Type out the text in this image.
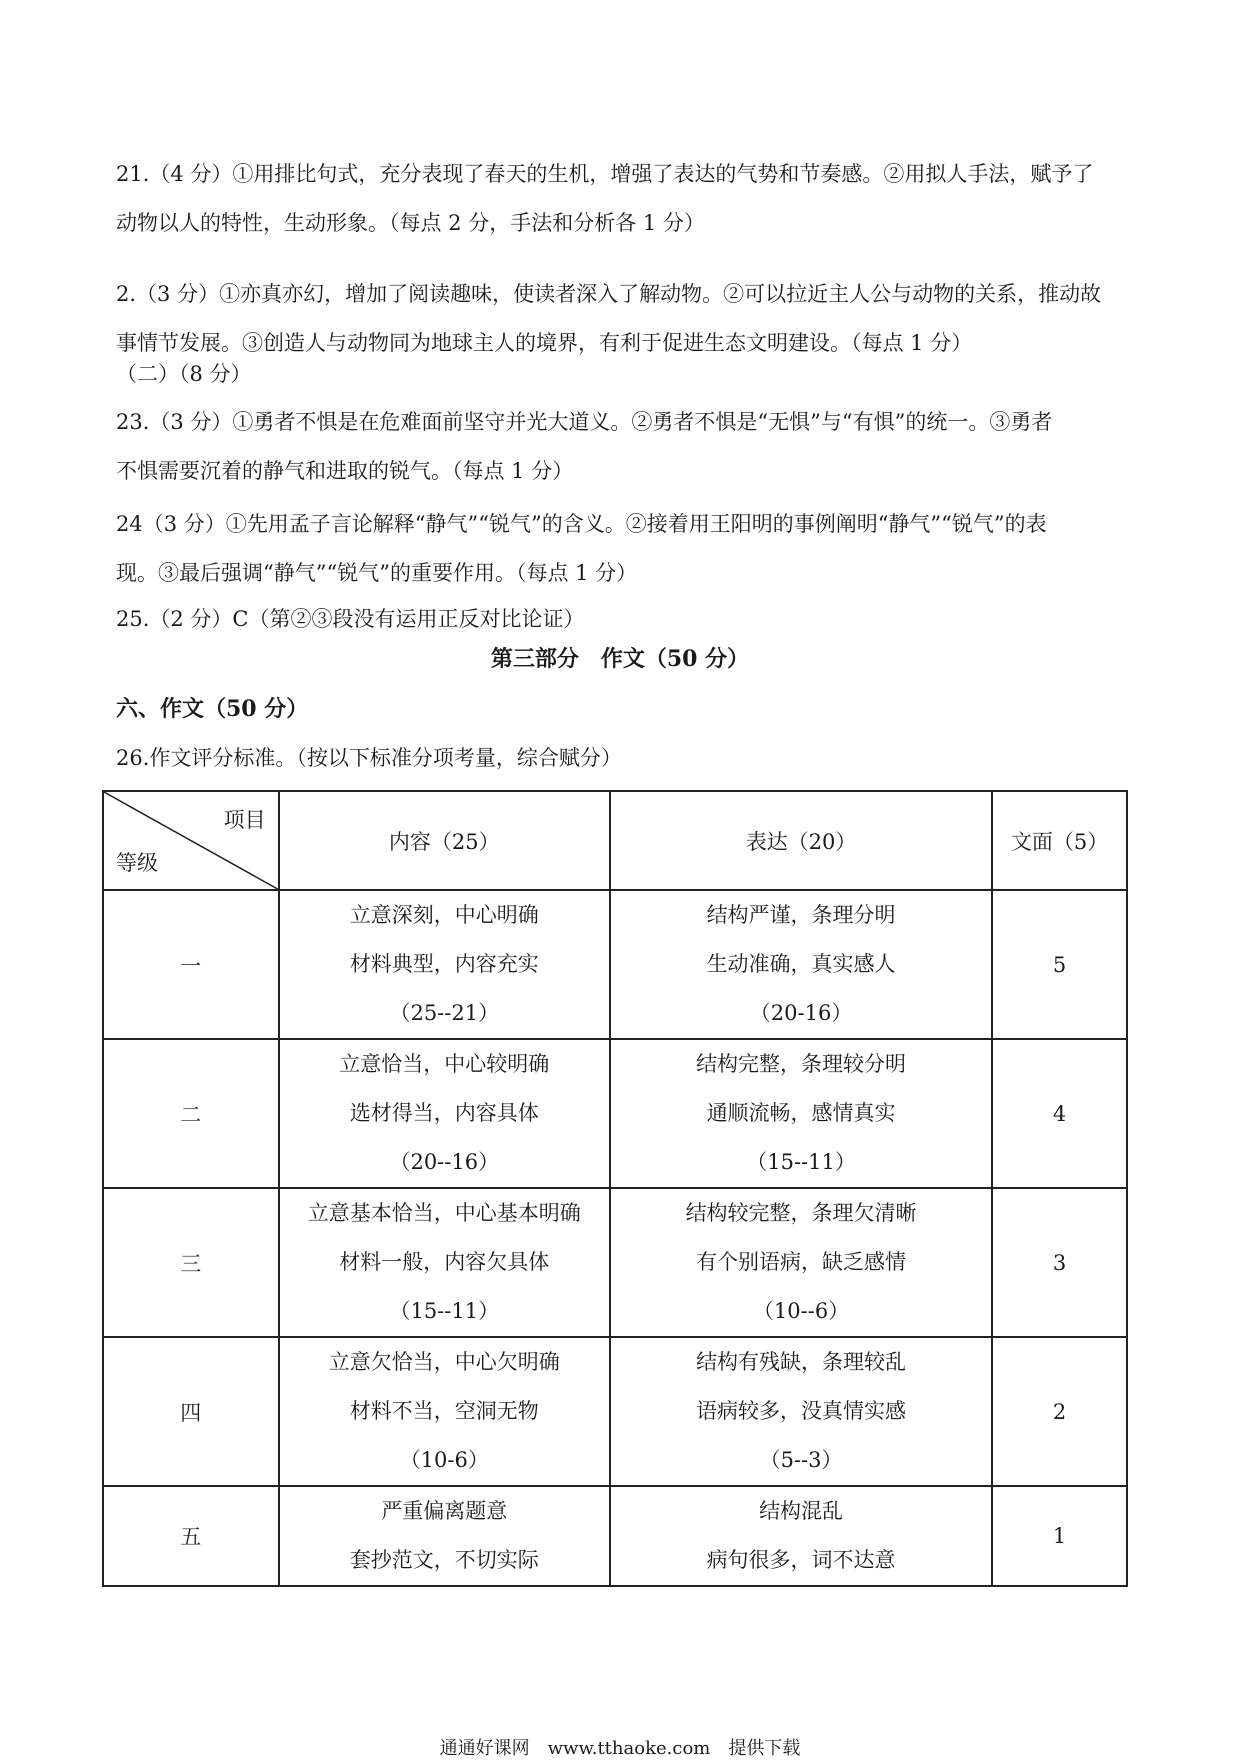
21.（4 分）①用排比句式，充分表现了春天的生机，增强了表达的气势和节奏感。②用拟人手法，赋予了
动物以人的特性，生动形象。（每点 2 分，手法和分析各 1 分）
2.（3 分）①亦真亦幻，增加了阅读趣味，使读者深入了解动物。②可以拉近主人公与动物的关系，推动故
事情节发展。③创造人与动物同为地球主人的境界，有利于促进生态文明建设。（每点 1 分）
（二）（8 分）
23.（3 分）①勇者不惧是在危难面前坚守并光大道义。②勇者不惧是“无惧”与“有惧”的统一。③勇者
不惧需要沉着的静气和进取的锐气。（每点 1 分）
24（3 分）①先用孟子言论解释“静气”“锐气”的含义。②接着用王阳明的事例阐明“静气”“锐气”的表
现。③最后强调“静气”“锐气”的重要作用。（每点 1 分）
25.（2 分）C（第②③段没有运用正反对比论证）
第三部分　作文（50 分）
六、作文（50 分）
26.作文评分标准。（按以下标准分项考量，综合赋分）
项目
等级	内容（25）	表达（20）	文面（5）
一	立意深刻，中心明确
材料典型，内容充实
（25--21）	结构严谨，条理分明
生动准确，真实感人
（20-16）	5
二	立意恰当，中心较明确
选材得当，内容具体
（20--16）	结构完整，条理较分明
通顺流畅，感情真实
（15--11）	4
三	立意基本恰当，中心基本明确
材料一般，内容欠具体
（15--11）	结构较完整，条理欠清晰
有个别语病，缺乏感情
（10--6）	3
四	立意欠恰当，中心欠明确
材料不当，空洞无物
（10-6）	结构有残缺，条理较乱
语病较多，没真情实感
（5--3）	2
五	严重偏离题意
套抄范文，不切实际	结构混乱
病句很多，词不达意	1
通通好课网　www.tthaoke.com　提供下载
